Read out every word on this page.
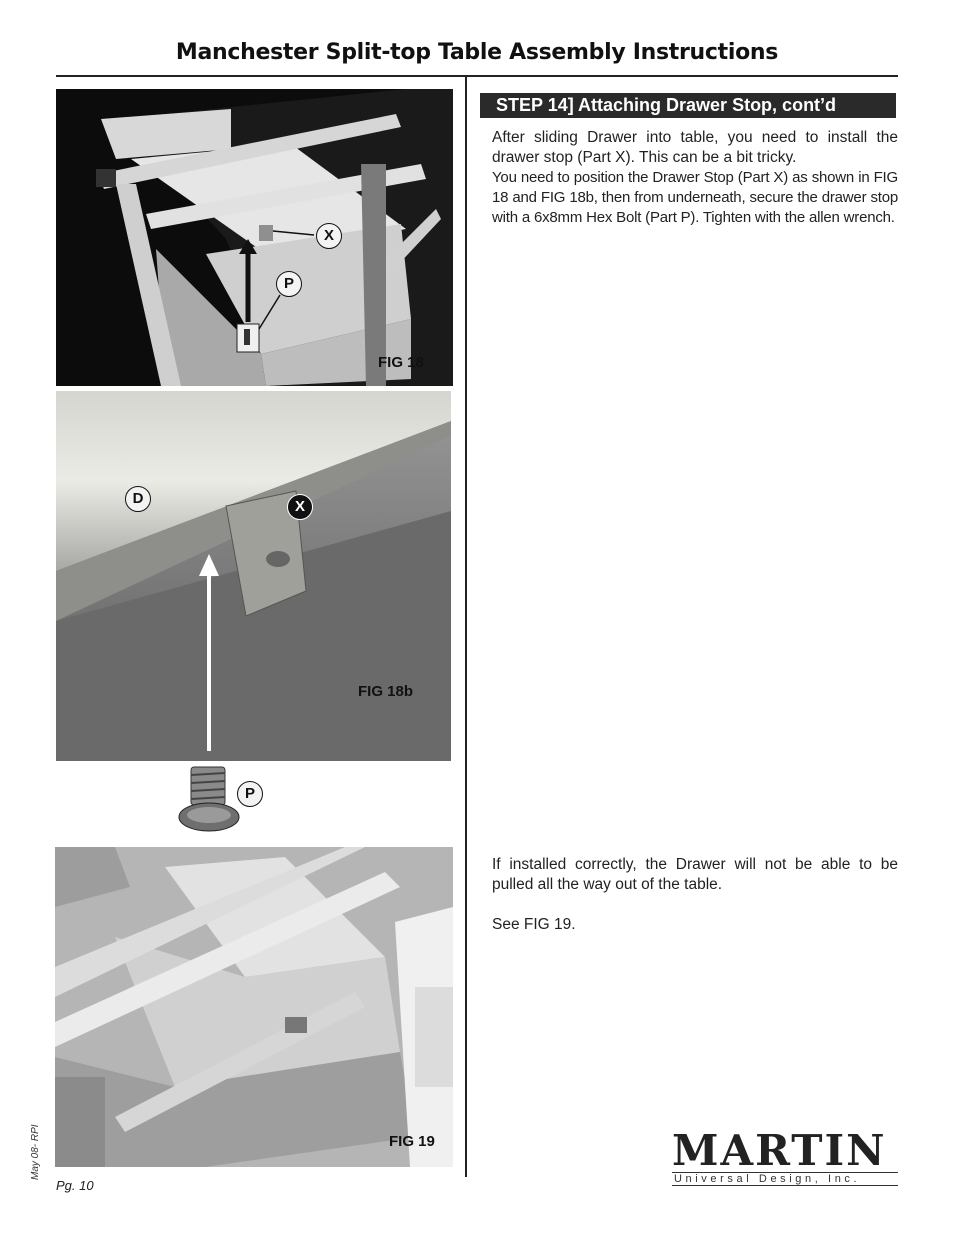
Manchester Split-top Table Assembly Instructions
X
P
FIG 18
D	X
FIG 18b
P
FIG 19
STEP 14] Attaching Drawer Stop, cont’d

After sliding Drawer into table, you need to install the drawer stop (Part X). This can be a bit tricky.

You need to position the Drawer Stop (Part X) as shown in FIG 18 and FIG 18b, then from underneath, secure the drawer stop with a 6x8mm Hex Bolt (Part P). Tighten with the allen wrench.

If installed correctly, the Drawer will not be able to be pulled all the way out of the table.

See FIG 19.

May 08- RPI
Pg. 10
MARTIN
Universal Design, Inc.
